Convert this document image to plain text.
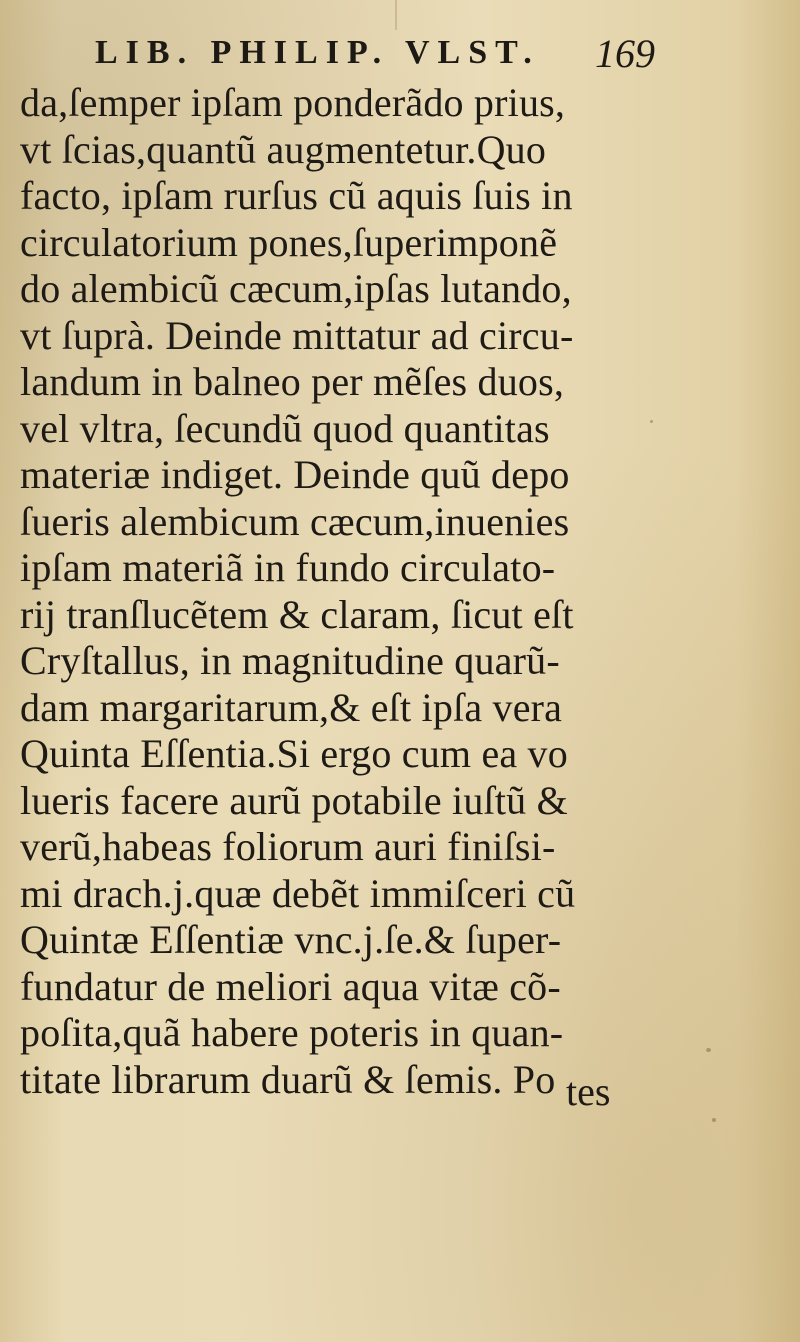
LIB. PHILIP. VLST. 169
da,ſemper ipſam ponderãdo prius,
vt ſcias,quantũ augmentetur.Quo
facto, ipſam rurſus cũ aquis ſuis in
circulatorium pones,ſuperimponẽ
do alembicũ cæcum,ipſas lutando,
vt ſuprà. Deinde mittatur ad circu-
landum in balneo per mẽſes duos,
vel vltra, ſecundũ quod quantitas
materiæ indiget. Deinde quũ depo
ſueris alembicum cæcum,inuenies
ipſam materiã in fundo circulato-
rij tranſlucẽtem & claram, ſicut eſt
Cryſtallus, in magnitudine quarũ-
dam margaritarum,& eſt ipſa vera
Quinta Eſſentia.Si ergo cum ea vo
lueris facere aurũ potabile iuſtũ &
verũ,habeas foliorum auri finiſsi-
mi drach.j.quæ debẽt immiſceri cũ
Quintæ Eſſentiæ vnc.j.ſe.& ſuper-
fundatur de meliori aqua vitæ cõ-
poſita,quã habere poteris in quan-
titate librarum duarũ & ſemis. Po tes
